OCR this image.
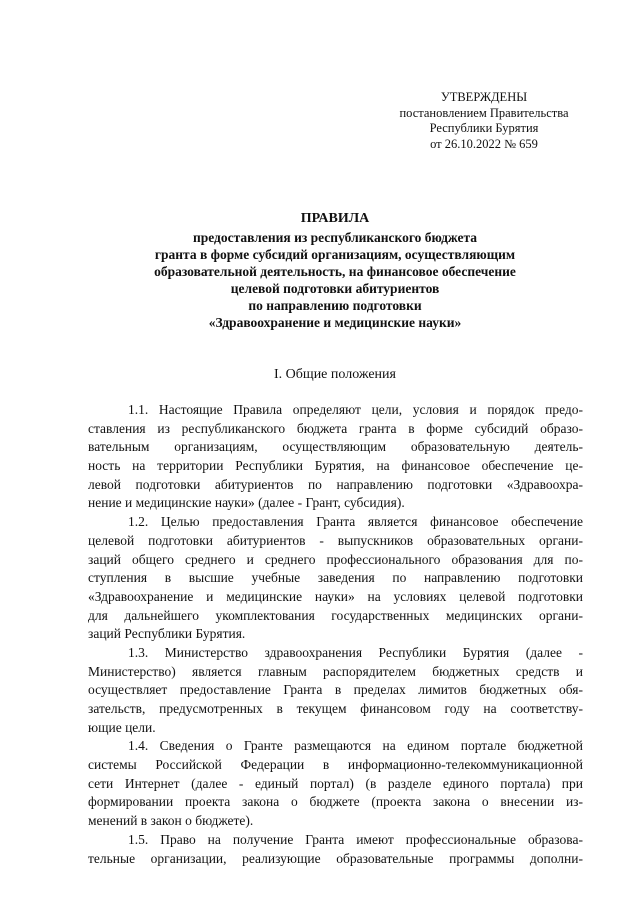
УТВЕРЖДЕНЫ
постановлением Правительства
Республики Бурятия
от 26.10.2022 № 659
ПРАВИЛА
предоставления из республиканского бюджета
гранта в форме субсидий организациям, осуществляющим
образовательной деятельность, на финансовое обеспечение
целевой подготовки абитуриентов
по направлению подготовки
«Здравоохранение и медицинские науки»
I. Общие положения
1.1. Настоящие Правила определяют цели, условия и порядок предо-
ставления из республиканского бюджета гранта в форме субсидий образо-
вательным организациям, осуществляющим образовательную деятель-
ность на территории Республики Бурятия, на финансовое обеспечение це-
левой подготовки абитуриентов по направлению подготовки «Здравоохра-
нение и медицинские науки» (далее - Грант, субсидия).
1.2. Целью предоставления Гранта является финансовое обеспечение
целевой подготовки абитуриентов - выпускников образовательных органи-
заций общего среднего и среднего профессионального образования для по-
ступления в высшие учебные заведения по направлению подготовки
«Здравоохранение и медицинские науки» на условиях целевой подготовки
для дальнейшего укомплектования государственных медицинских органи-
заций Республики Бурятия.
1.3. Министерство здравоохранения Республики Бурятия (далее -
Министерство) является главным распорядителем бюджетных средств и
осуществляет предоставление Гранта в пределах лимитов бюджетных обя-
зательств, предусмотренных в текущем финансовом году на соответству-
ющие цели.
1.4. Сведения о Гранте размещаются на едином портале бюджетной
системы Российской Федерации в информационно-телекоммуникационной
сети Интернет (далее - единый портал) (в разделе единого портала) при
формировании проекта закона о бюджете (проекта закона о внесении из-
менений в закон о бюджете).
1.5. Право на получение Гранта имеют профессиональные образова-
тельные организации, реализующие образовательные программы дополни-
